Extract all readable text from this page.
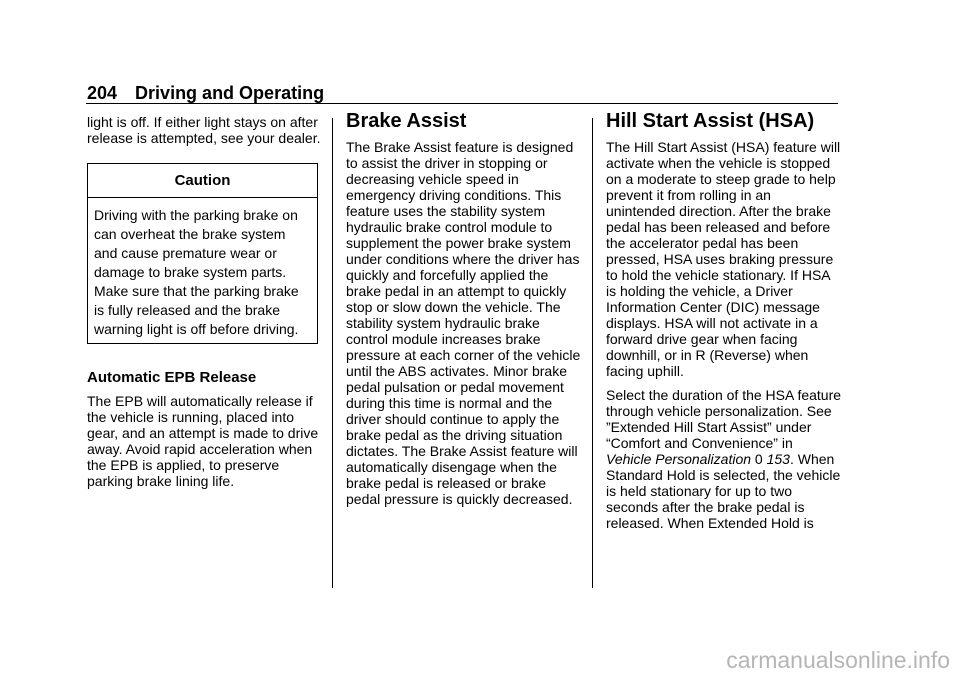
204 Driving and Operating

light is off. If either light stays on after release is attempted, see your dealer.

Caution
Driving with the parking brake on can overheat the brake system and cause premature wear or damage to brake system parts. Make sure that the parking brake is fully released and the brake warning light is off before driving.
Automatic EPB Release

The EPB will automatically release if the vehicle is running, placed into gear, and an attempt is made to drive away. Avoid rapid acceleration when the EPB is applied, to preserve parking brake lining life.

Brake Assist

The Brake Assist feature is designed to assist the driver in stopping or decreasing vehicle speed in emergency driving conditions. This feature uses the stability system hydraulic brake control module to supplement the power brake system under conditions where the driver has quickly and forcefully applied the brake pedal in an attempt to quickly stop or slow down the vehicle. The stability system hydraulic brake control module increases brake pressure at each corner of the vehicle until the ABS activates. Minor brake pedal pulsation or pedal movement during this time is normal and the driver should continue to apply the brake pedal as the driving situation dictates. The Brake Assist feature will automatically disengage when the brake pedal is released or brake pedal pressure is quickly decreased.

Hill Start Assist (HSA)

The Hill Start Assist (HSA) feature will activate when the vehicle is stopped on a moderate to steep grade to help prevent it from rolling in an unintended direction. After the brake pedal has been released and before the accelerator pedal has been pressed, HSA uses braking pressure to hold the vehicle stationary. If HSA is holding the vehicle, a Driver Information Center (DIC) message displays. HSA will not activate in a forward drive gear when facing downhill, or in R (Reverse) when facing uphill.

Select the duration of the HSA feature through vehicle personalization. See ”Extended Hill Start Assist” under “Comfort and Convenience” in Vehicle Personalization 0 153. When Standard Hold is selected, the vehicle is held stationary for up to two seconds after the brake pedal is released. When Extended Hold is

carmanualsonline.info
